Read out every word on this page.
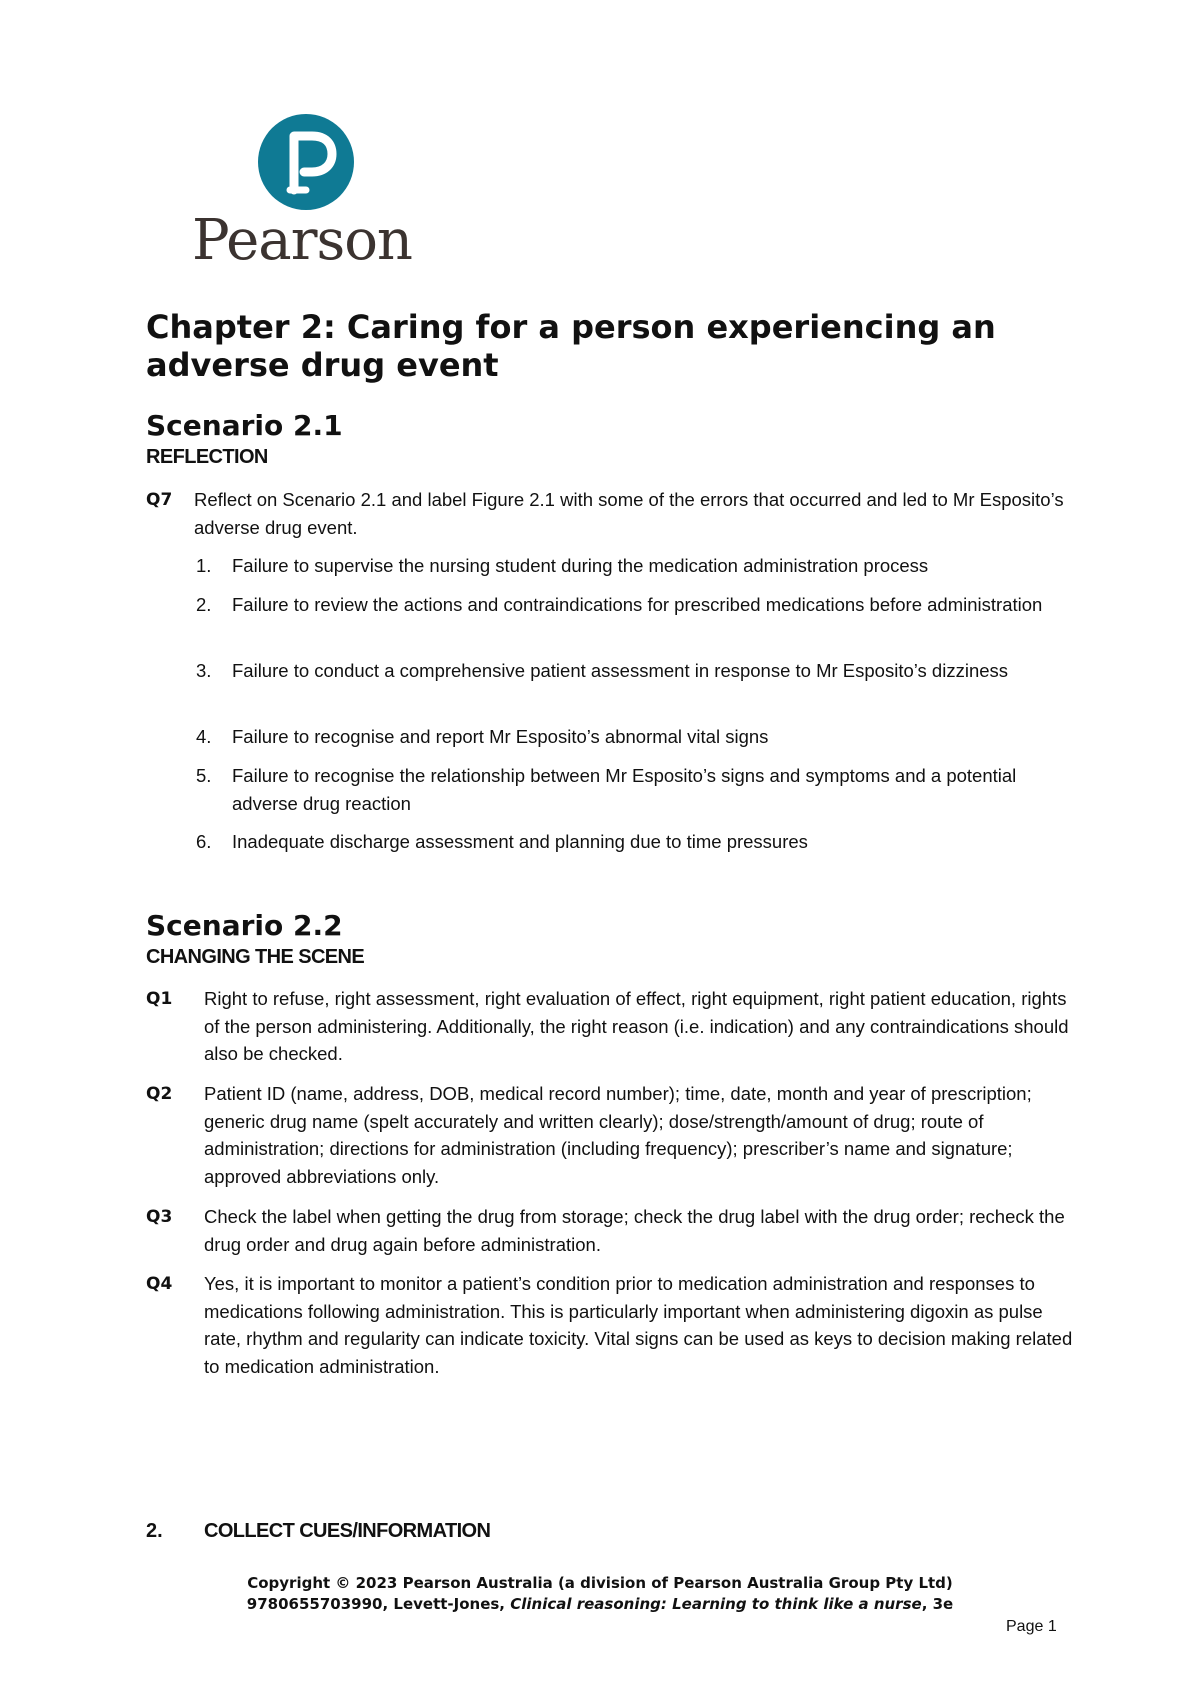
Pearson
Chapter 2: Caring for a person experiencing an adverse drug event
Scenario 2.1
REFLECTION
Q7 Reflect on Scenario 2.1 and label Figure 2.1 with some of the errors that occurred and led to Mr Esposito’s adverse drug event.
1. Failure to supervise the nursing student during the medication administration process
2. Failure to review the actions and contraindications for prescribed medications before administration
3. Failure to conduct a comprehensive patient assessment in response to Mr Esposito’s dizziness
4. Failure to recognise and report Mr Esposito’s abnormal vital signs
5. Failure to recognise the relationship between Mr Esposito’s signs and symptoms and a potential adverse drug reaction
6. Inadequate discharge assessment and planning due to time pressures
Scenario 2.2
CHANGING THE SCENE
Q1 Right to refuse, right assessment, right evaluation of effect, right equipment, right patient education, rights of the person administering. Additionally, the right reason (i.e. indication) and any contraindications should also be checked.
Q2 Patient ID (name, address, DOB, medical record number); time, date, month and year of prescription; generic drug name (spelt accurately and written clearly); dose/strength/amount of drug; route of administration; directions for administration (including frequency); prescriber’s name and signature; approved abbreviations only.
Q3 Check the label when getting the drug from storage; check the drug label with the drug order; recheck the drug order and drug again before administration.
Q4 Yes, it is important to monitor a patient’s condition prior to medication administration and responses to medications following administration. This is particularly important when administering digoxin as pulse rate, rhythm and regularity can indicate toxicity. Vital signs can be used as keys to decision making related to medication administration.
2. COLLECT CUES/INFORMATION
Copyright © 2023 Pearson Australia (a division of Pearson Australia Group Pty Ltd)
9780655703990, Levett-Jones, Clinical reasoning: Learning to think like a nurse, 3e
Page 1
